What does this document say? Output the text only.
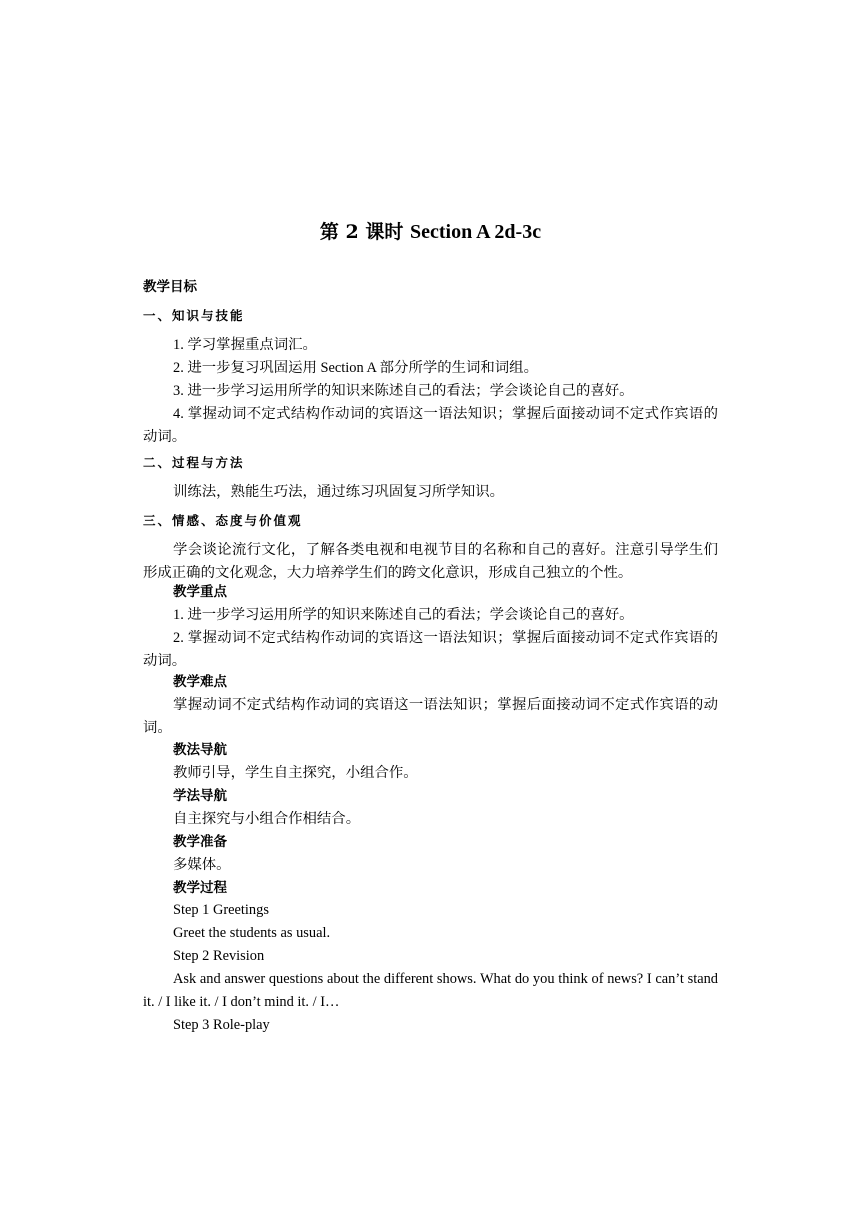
第 2 课时 Section A 2d-3c
教学目标
一、知识与技能

1. 学习掌握重点词汇。

2. 进一步复习巩固运用 Section A 部分所学的生词和词组。

3. 进一步学习运用所学的知识来陈述自己的看法；学会谈论自己的喜好。

4. 掌握动词不定式结构作动词的宾语这一语法知识；掌握后面接动词不定式作宾语的动词。

二、过程与方法

训练法，熟能生巧法，通过练习巩固复习所学知识。

三、情感、态度与价值观

学会谈论流行文化，了解各类电视和电视节目的名称和自己的喜好。注意引导学生们形成正确的文化观念，大力培养学生们的跨文化意识，形成自己独立的个性。

教学重点

1. 进一步学习运用所学的知识来陈述自己的看法；学会谈论自己的喜好。

2. 掌握动词不定式结构作动词的宾语这一语法知识；掌握后面接动词不定式作宾语的动词。

教学难点

掌握动词不定式结构作动词的宾语这一语法知识；掌握后面接动词不定式作宾语的动词。

教法导航

教师引导，学生自主探究，小组合作。

学法导航

自主探究与小组合作相结合。

教学准备

多媒体。

教学过程

Step 1 Greetings

Greet the students as usual.

Step 2 Revision

Ask and answer questions about the different shows. What do you think of news? I can’t stand it. / I like it. / I don’t mind it. / I…

Step 3 Role-play
